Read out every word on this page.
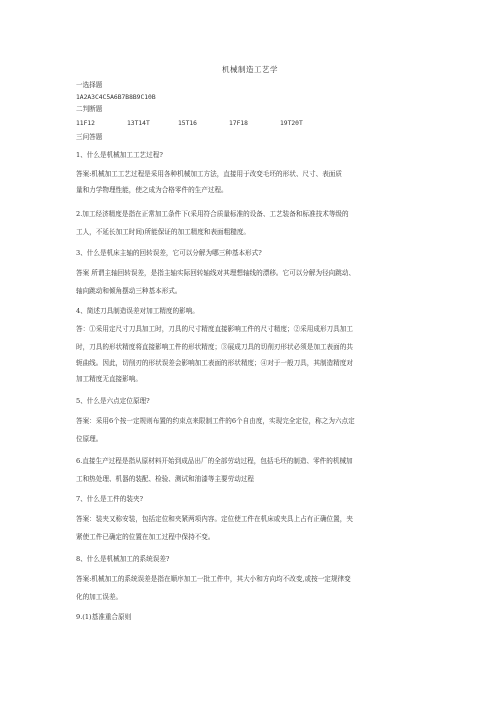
机械制造工艺学
一选择题
1A2A3C4C5A6B7B8B9C10B
二判断题
11F12	13T14T	15T16	17F18	19T20T
三问答题
1、什么是机械加工工艺过程?
答案:机械加工工艺过程是采用各种机械加工方法，直接用于改变毛坯的形状、尺寸、表面质
量和力学物理性能，使之成为合格零件的生产过程。
2.加工经济精度是指在正常加工条件下(采用符合质量标准的设备、工艺装备和标准技术等级的
工人，不延长加工时间)所能保证的加工精度和表面粗糙度。
3、什么是机床主轴的回转误差，它可以分解为哪三种基本形式?
答案 所谓主轴回转误差，是指主轴实际回转轴线对其理想轴线的漂移。它可以分解为径向跳动、
轴向跳动和倾角摆动三种基本形式。
4、简述刀具制造误差对加工精度的影响。
答：①采用定尺寸刀具加工时，刀具的尺寸精度直接影响工件的尺寸精度；②采用成形刀具加工
时，刀具的形状精度将直接影响工件的形状精度；③展成刀具的切削刃形状必须是加工表面的共
轭曲线。因此，切削刃的形状误差会影响加工表面的形状精度；④对于一般刀具，其制造精度对
加工精度无直接影响。
5、什么是六点定位原理?
答案：采用6个按一定规则布置的约束点来限制工件的6个自由度，实现完全定位，称之为六点定
位原理。
6.直接生产过程是指从原材料开始到成品出厂的全部劳动过程，包括毛坯的制造、零件的机械加
工和热处理、机器的装配、检验、测试和油漆等主要劳动过程
7、什么是工件的装夹?
答案：装夹又称安装，包括定位和夹紧两项内容。定位使工件在机床或夹具上占有正确位置，夹
紧使工件已确定的位置在加工过程中保持不变。
8、什么是机械加工的系统误差?
答案:机械加工的系统误差是指在顺序加工一批工件中，其大小和方向均不改变,或按一定规律变
化的加工误差。
9.(1)基准重合原则
